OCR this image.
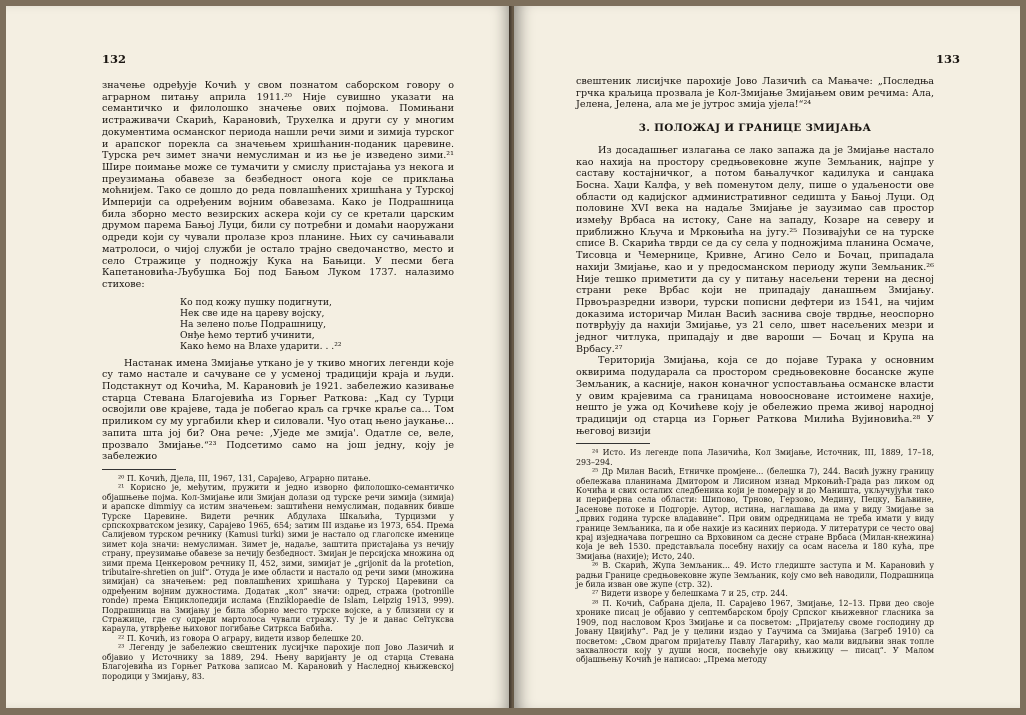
132

значење одређује Кочић у свом познатом саборском говору о аграрном питању априла 1911.²⁰ Није сувишно указати на семантичко и филолошко значење ових појмова. Помињани истраживачи Скарић, Карановић, Трухелка и други су у многим документима османског периода нашли речи зими и зимија турског и арапског порекла са значењем хришћанин-поданик царевине. Турска реч зимет значи немуслиман и из ње је изведено зими.²¹ Шире поимање може се тумачити у смислу пристајања уз некога и преузимања обавезе за безбедност онога које се приклања моћнијем. Тако се дошло до реда повлашћених хришћана у Турској Империји са одређеним војним обавезама. Како је Подрашница била зборно место везирских аскера који су се кретали царским друмом парема Бањој Луци, били су потребни и домаћи наоружани одреди који су чували пролазе кроз планине. Њих су сачињавали матролоси, о чијој служби је остало трајно сведочанство, место и село Стражице у подножју Кука на Бањици. У песми бега Капетановића-Љубушка Бој под Бањом Луком 1737. налазимо стихове:

Ко под кожу пушку подигнути,
Нек све иде на цареву војску,
На зелено поље Подрашницу,
Онђе ћемо тертиб учинити,
Како ћемо на Влахе ударити. . .²²

Настанак имена Змијање уткано је у ткиво многих легенди које су тамо настале и сачуване се у усменој традицији краја и људи. Подстакнут од Кочића, М. Карановић је 1921. забележио казивање старца Стевана Благојевића из Горњег Ратковa: „Кад су Турци освојили ове крајеве, тада је побегао краљ са грчке краље са... Том приликом су му ургабили кћер и силовали. Чуо отац њено јаукање... запита шта јој би? Она рече: ‚Уједе ме змија'. Одатле се, веле, прозвало Змијање.“²³ Подсетимо само на још једну, коју је забележио

²⁰ П. Кочић, Дјела, III, 1967, 131, Сарајево, Аграрно питање.

²¹ Корисно је, међутим, пружити и једно изворно филолошко-семантичко објашњење појма. Кол-Змијање или Змијан долази од турске речи зимија (зимија) и арапске dimmiyy са истим значењем: заштићени немуслиман, подавник бивше Турске Царевине. Видети речник Абдулаха Шкаљића, Турцизми у српскохрватском језику, Сарајево 1965, 654; затим III издање из 1973, 654. Према Салијевом турском речнику (Kamusi turki) зими је настало од глаголске именице зимет која значи: немуслиман. Зимет је, надаље, заштита пристајања уз нечију страну, преузимање обавезе за нечију безбедност. Змијан је персијска множина од зими према Ценкеровом речнику II, 452, зими, зимијат је „grijonit da la protetion, tributaire-shretien on juif“. Отуда је име области и настало од речи зими (множина зимијан) са значењем: ред повлашћених хришћана у Турској Царевини са одређеним војним дужностима. Додатак „кол“ значи: одред, стража (potronille ronde) према Енциклопедији ислама (Enziklopaedie de Islam, Leipzig 1913, 999). Подрашница на Змијању је била зборно место турске војске, а у близини су и Стражице, где су одреди мартолоса чували стражу. Ту је и данас Сеїтуксва караула, утврђење њиховог погибање Ситркса Бабића.

²² П. Кочић, из говора О аграру, видети извор белешке 20.

²³ Легенду је забележио свештеник лусијчке парохије поп Јово Лазичић и објавио у Источнику за 1889, 294. Њену варијанту је од старца Стевана Благојевића из Горњег Ратковa записао М. Карановић у Наследној књижевској породици у Змијању, 83.

133

свештеник лисијчке парохије Јово Лазичић са Мањаче: „Последња грчка краљица прозвала је Кол-Змијање Змијањем овим речима: Ала, Јелена, Јелена, ала ме је јутрос змија ујела!“²⁴

3. ПОЛОЖАЈ И ГРАНИЦЕ ЗМИЈАЊА

Из досадашњег излагања се лако запажа да је Змијање настало као нахија на простору средњовековне жупе Земљаник, најпре у саставу костајничког, а потом бањалучког кадилука и санџака Босна. Хаџи Калфа, у већ поменутом делу, пише о удаљености ове области од кадијског административног седишта у Бањој Луци. Од половине XVI века на надаље Змијање је заузимао сав простор између Врбаса на истоку, Сане на западу, Козаре на северу и приближно Кључа и Мркоњића на југу.²⁵ Позивајући се на турске списе В. Скарића тврди се да су села у подножјима планина Осмаче, Тисовца и Чемернице, Кривне, Агино Село и Бочац, припадала нахији Змијање, као и у предосманском периоду жупи Земљаник.²⁶ Није тешко приметити да су у питању насељени терени на десној страни реке Врбас који не припадају данашњем Змијању. Првоъразредни извори, турски пописни дефтери из 1541, на чијим доказима историчар Милан Васић заснива своје тврдње, неоспорно потврђују да нахији Змијање, уз 21 село, швет насељених мезри и једног читлука, припадају и две вароши — Бочац и Крупа на Врбасу.²⁷

Територија Змијања, која се до појаве Турака у основним оквирима подударала са простором средњовековне босанске жупе Земљаник, а касније, након коначног успостављања османске власти у овим крајевима са границама новооснованe истоимене нахије, нешто је ужа од Кочићеве коју је обележио према живој народној традицији од старца из Горњег Ратковa Милића Вујиновића.²⁸ У његовој визији

²⁴ Исто. Из легенде попа Лазичића, Кол Змијање, Источник, III, 1889, 17–18, 293–294.

²⁵ Др Милан Васић, Етничке промјене... (белешка 7), 244. Васић јужну границу обележава планинама Дмитором и Лисином изнад Мркоњић-Града раз ликом од Кочића и свих осталих следбеника који је померају и до Маништа, укључујући тако и периферна села области: Шипово, Трново, Герзово, Медину, Пецку, Баљвине, Јасенове потоке и Подгорје. Аутор, истина, наглашава да има у виду Змијање за „првих година турске владавине“. При овим одредницама не треба имати у виду границе Земљаника, па и обе нахије из касиних периода. У литератури се често овај крај изједначава погрешно са Врховином са десне стране Врбаса (Милан-кнежина) која је већ 1530. представљала посебну нахију са осам насеља и 180 кућа, пре Змијања (нахије); Исто, 240.

²⁶ В. Скарић, Жупа Земљаник... 49. Исто гледиште заступа и М. Карановић у радњи Границе средњовековне жупе Земљаник, коју смо већ наводили, Подрашница је била изван ове жупе (стр. 32).

²⁷ Видети изворе у белешкама 7 и 25, стр. 244.

²⁸ П. Кочић, Сабрана дјела, II. Сарајево 1967, Змијање, 12–13. Први део своје хронике писац је објавио у септембарском броју Српског књижевног гласника за 1909, под насловом Кроз Змијање и са посветом: „Пријатељу своме господину др Јовану Цвијићу“. Рад је у целини издао у Гаучима са Змијања (Загреб 1910) са посветом: „Свом драгом пријатељу Павлу Лагарићу, као мали видљиви знак топле захвалности коју у души носи, посвећује ову књижицу — писац“. У Малом објашњењу Кочић је написао: „Према методу
